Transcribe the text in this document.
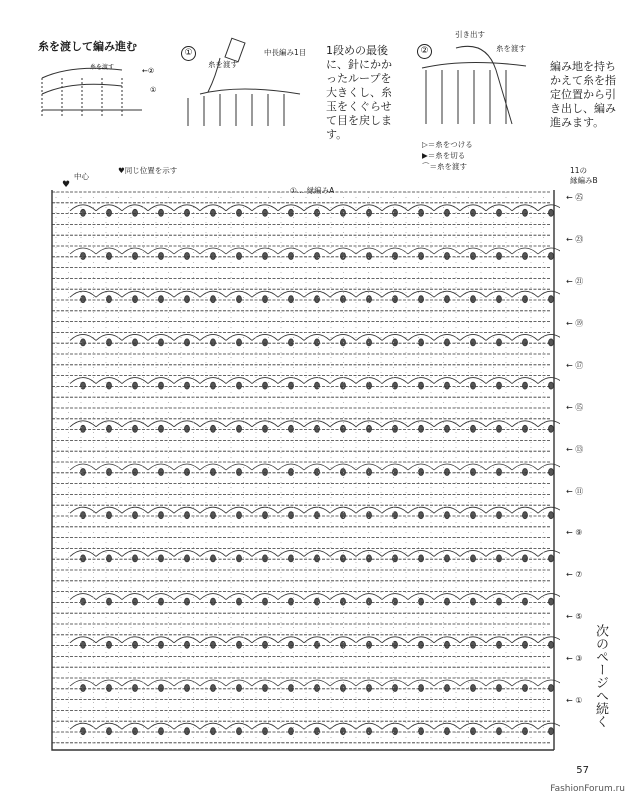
糸を渡して編み進む
糸を渡す	←②
①
①	中長編み1目
糸を渡す
1段めの最後
に、針にかか
ったループを
大きくし、糸
玉をくぐらせ
て目を戻しま
す。
②
引き出す
糸を渡す
編み地を持ち
かえて糸を指
定位置から引
き出し、編み
進みます。
▷＝糸をつける
▶＝糸を切る
⌒＝糸を渡す
中心
♥
♥同じ位置を示す
①… 縁編みA
11の
縁編みB
← ㉕
← ㉓
← ㉑
← ⑲
← ⑰
← ⑮
← ⑬
← ⑪
← ⑨
← ⑦
← ⑤
← ③
← ① 次のページへ続く
57
FashionForum.ru
